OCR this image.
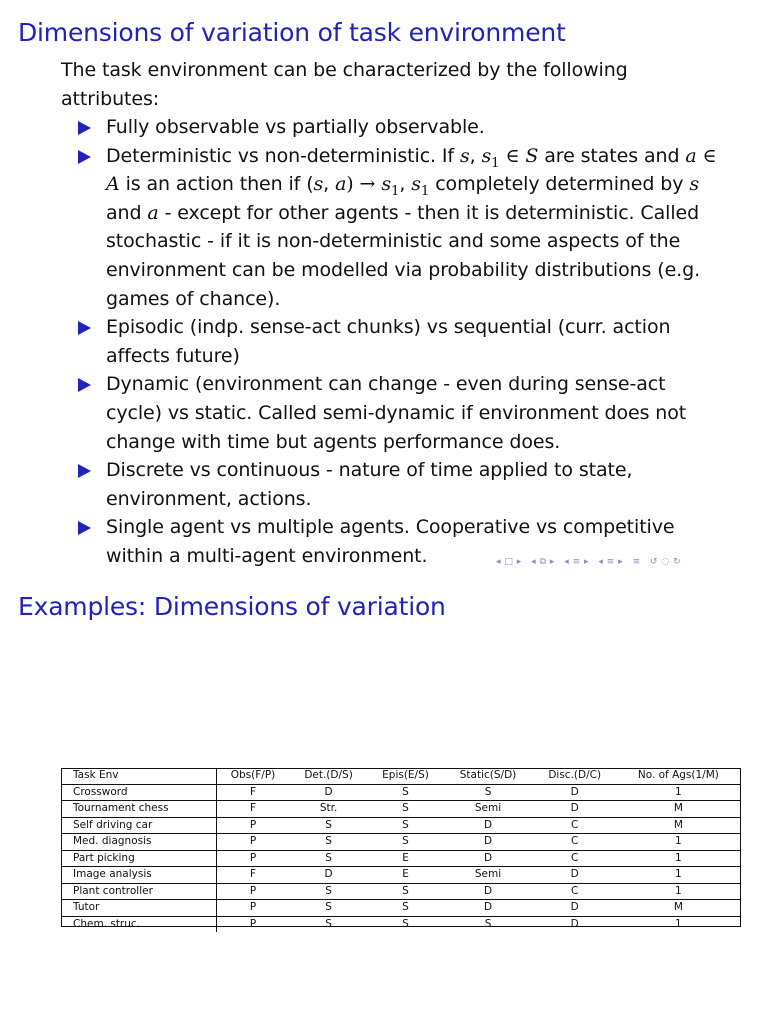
Dimensions of variation of task environment

The task environment can be characterized by the following attributes:

Fully observable vs partially observable.
Deterministic vs non-deterministic. If s, $s_1$ ∈ S are states and a ∈ A is an action then if (s, $a) \to s_1$, $s_1$ completely determined by s and a - except for other agents - then it is deterministic. Called stochastic - if it is non-deterministic and some aspects of the environment can be modelled via probability distributions (e.g. games of chance).
Episodic (indp. sense-act chunks) vs sequential (curr. action affects future)
Dynamic (environment can change - even during sense-act cycle) vs static. Called semi-dynamic if environment does not change with time but agents performance does.
Discrete vs continuous - nature of time applied to state, environment, actions.
Single agent vs multiple agents. Cooperative vs competitive within a multi-agent environment.	◂ □ ▸ ◂ ⧉ ▸ ◂ ≡ ▸ ◂ ≡ ▸ ≡ ↺ ◌ ↻
Examples: Dimensions of variation
Task Env	Obs(F/P)	Det.(D/S)	Epis(E/S)	Static(S/D)	Disc.(D/C)	No. of Ags(1/M)
Crossword	F	D	S	S	D	1
Tournament chess	F	Str.	S	Semi	D	M
Self driving car	P	S	S	D	C	M
Med. diagnosis	P	S	S	D	C	1
Part picking	P	S	E	D	C	1
Image analysis	F	D	E	Semi	D	1
Plant controller	P	S	S	D	C	1
Tutor	P	S	S	D	D	M
Chem. struc.	P	S	S	S	D	1
